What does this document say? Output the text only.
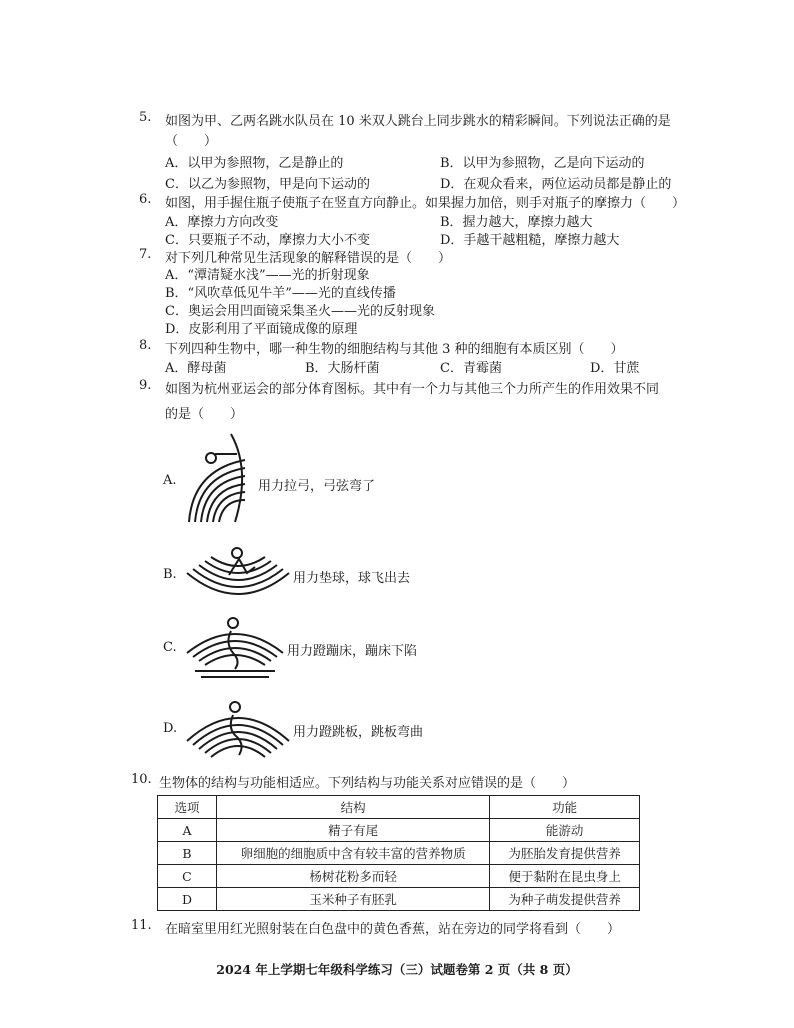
5. 如图为甲、乙两名跳水队员在 10 米双人跳台上同步跳水的精彩瞬间。下列说法正确的是
（　　）
A．以甲为参照物，乙是静止的	B．以甲为参照物，乙是向下运动的
C．以乙为参照物，甲是向下运动的	D．在观众看来，两位运动员都是静止的
6. 如图，用手握住瓶子使瓶子在竖直方向静止。如果握力加倍，则手对瓶子的摩擦力（　　）
A．摩擦力方向改变	B．握力越大，摩擦力越大
C．只要瓶子不动，摩擦力大小不变	D．手越干越粗糙，摩擦力越大
7. 对下列几种常见生活现象的解释错误的是（　　）
A．“潭清疑水浅”——光的折射现象
B．“风吹草低见牛羊”——光的直线传播
C．奥运会用凹面镜采集圣火——光的反射现象
D．皮影利用了平面镜成像的原理
8. 下列四种生物中，哪一种生物的细胞结构与其他 3 种的细胞有本质区别（　　）
A．酵母菌	B．大肠杆菌	C．青霉菌	D．甘蔗
9. 如图为杭州亚运会的部分体育图标。其中有一个力与其他三个力所产生的作用效果不同
的是（　　）
A.	用力拉弓，弓弦弯了
B.	用力垫球，球飞出去
C.	用力蹬蹦床，蹦床下陷
D.	用力蹬跳板，跳板弯曲
10. 生物体的结构与功能相适应。下列结构与功能关系对应错误的是（　　）
选项	结构	功能
A	精子有尾	能游动
B	卵细胞的细胞质中含有较丰富的营养物质	为胚胎发育提供营养
C	杨树花粉多而轻	便于黏附在昆虫身上
D	玉米种子有胚乳	为种子萌发提供营养
11. 在暗室里用红光照射装在白色盘中的黄色香蕉，站在旁边的同学将看到（　　）
2024 年上学期七年级科学练习（三）试题卷第 2 页（共 8 页）
